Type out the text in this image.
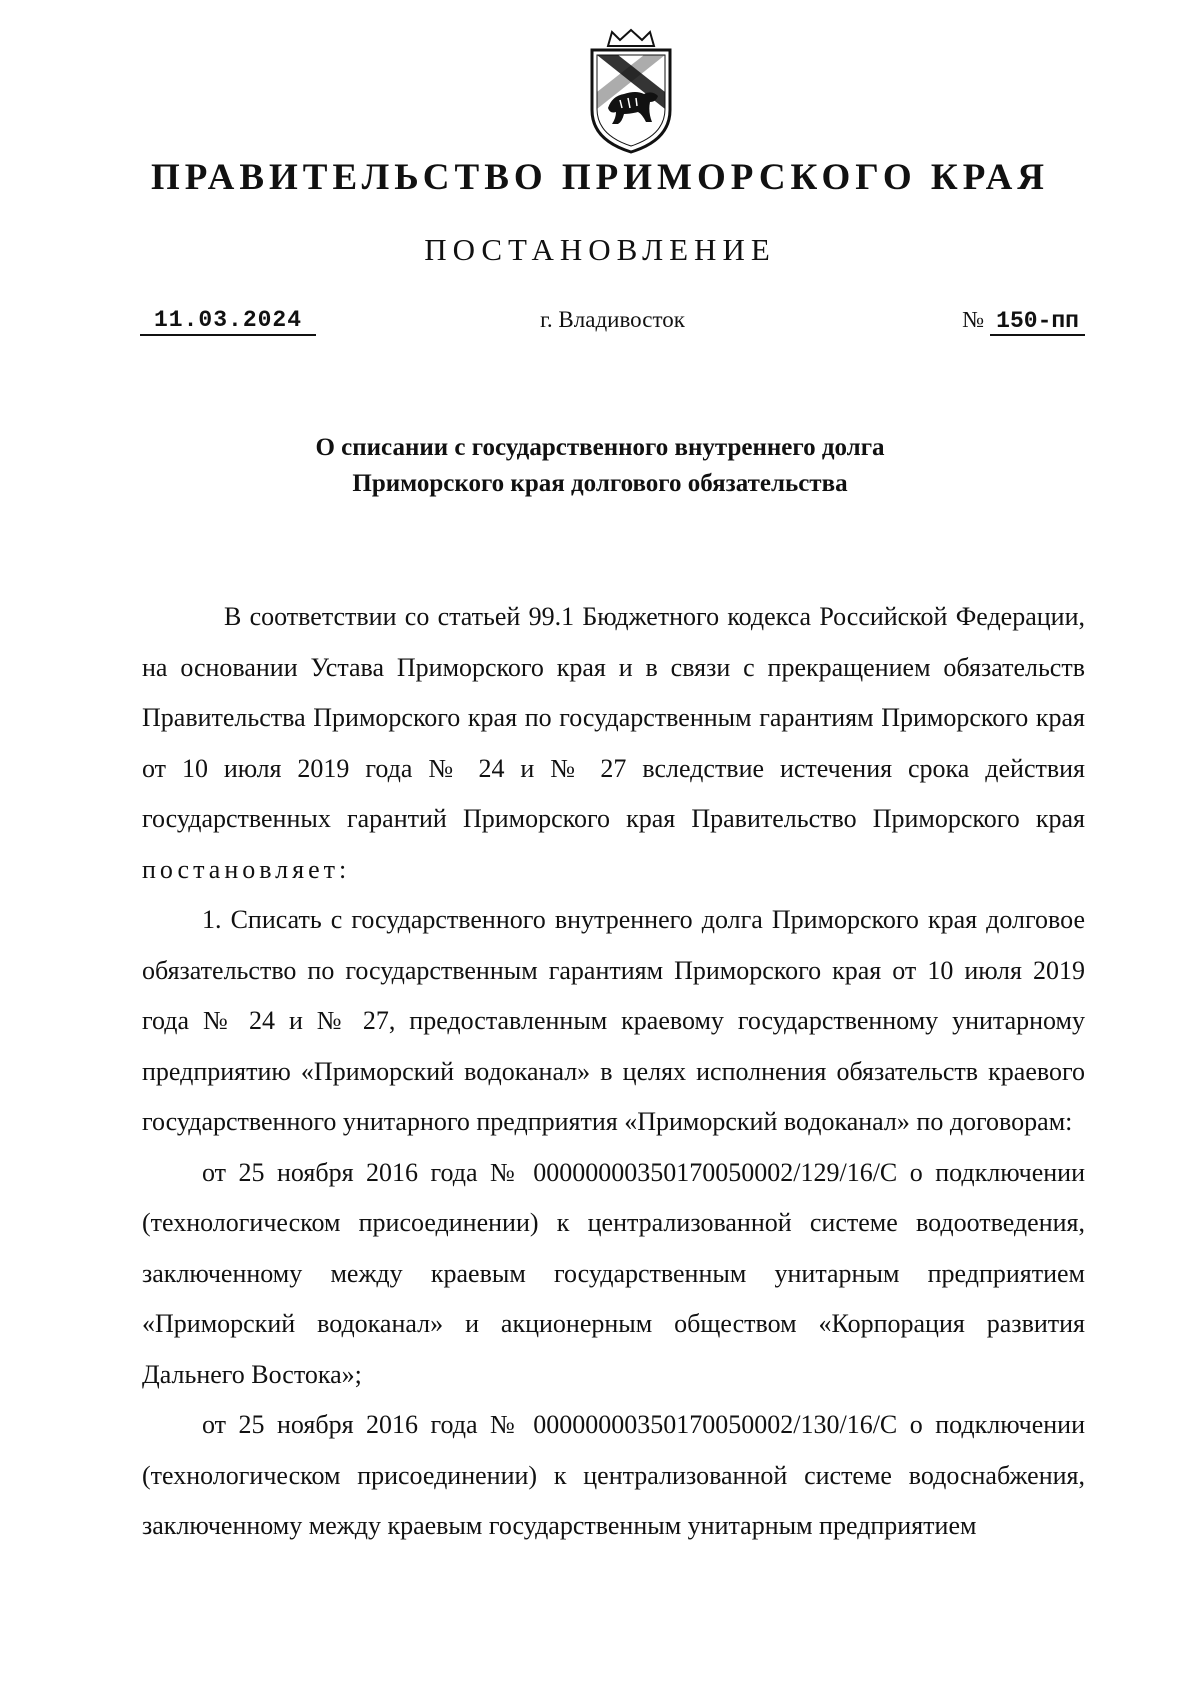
ПРАВИТЕЛЬСТВО ПРИМОРСКОГО КРАЯ
ПОСТАНОВЛЕНИЕ
11.03.2024	г. Владивосток	№ 150-пп
О списании с государственного внутреннего долга
Приморского края долгового обязательства

В соответствии со статьей 99.1 Бюджетного кодекса Российской Федерации, на основании Устава Приморского края и в связи с прекращением обязательств Правительства Приморского края по государственным гарантиям Приморского края от 10 июля 2019 года № 24 и № 27 вследствие истечения срока действия государственных гарантий Приморского края Правительство Приморского края постановляет:

1. Списать с государственного внутреннего долга Приморского края долговое обязательство по государственным гарантиям Приморского края от 10 июля 2019 года № 24 и № 27, предоставленным краевому государственному унитарному предприятию «Приморский водоканал» в целях исполнения обязательств краевого государственного унитарного предприятия «Приморский водоканал» по договорам:

от 25 ноября 2016 года № 00000000350170050002/129/16/С о подключении (технологическом присоединении) к централизованной системе водоотведения, заключенному между краевым государственным унитарным предприятием «Приморский водоканал» и акционерным обществом «Корпорация развития Дальнего Востока»;

от 25 ноября 2016 года № 00000000350170050002/130/16/С о подключении (технологическом присоединении) к централизованной системе водоснабжения, заключенному между краевым государственным унитарным предприятием
